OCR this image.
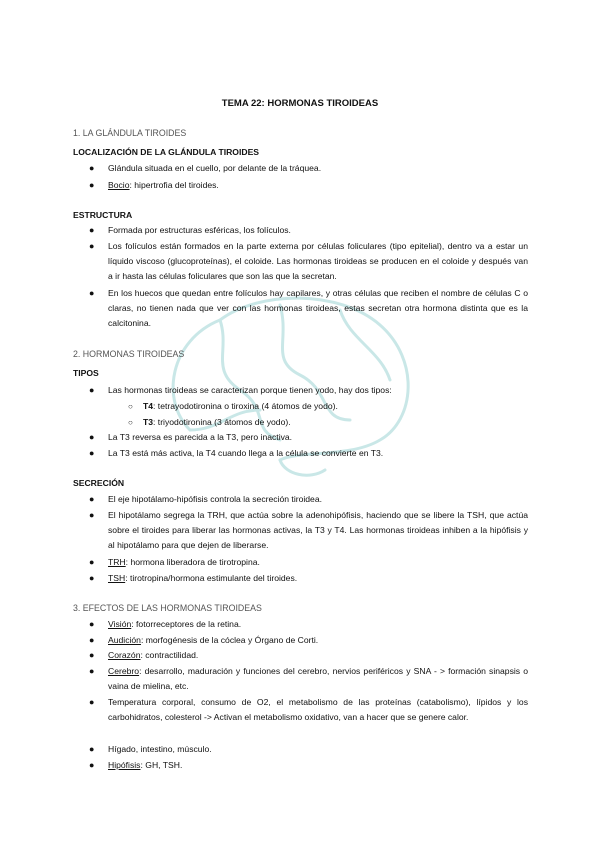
TEMA 22: HORMONAS TIROIDEAS
1. LA GLÁNDULA TIROIDES
LOCALIZACIÓN DE LA GLÁNDULA TIROIDES
● Glándula situada en el cuello, por delante de la tráquea.
● Bocio: hipertrofia del tiroides.
ESTRUCTURA
● Formada por estructuras esféricas, los folículos.
● Los folículos están formados en la parte externa por células foliculares (tipo epitelial), dentro va a estar un líquido viscoso (glucoproteínas), el coloide. Las hormonas tiroideas se producen en el coloide y después van a ir hasta las células foliculares que son las que la secretan.
● En los huecos que quedan entre folículos hay capilares, y otras células que reciben el nombre de células C o claras, no tienen nada que ver con las hormonas tiroideas, estas secretan otra hormona distinta que es la calcitonina.
2. HORMONAS TIROIDEAS
TIPOS
● Las hormonas tiroideas se caracterizan porque tienen yodo, hay dos tipos:
○ T4: tetrayodotironina o tiroxina (4 átomos de yodo).
○ T3: triyodotironina (3 átomos de yodo).
● La T3 reversa es parecida a la T3, pero inactiva.
● La T3 está más activa, la T4 cuando llega a la célula se convierte en T3.
SECRECIÓN
● El eje hipotálamo-hipófisis controla la secreción tiroidea.
● El hipotálamo segrega la TRH, que actúa sobre la adenohipófisis, haciendo que se libere la TSH, que actúa sobre el tiroides para liberar las hormonas activas, la T3 y T4. Las hormonas tiroideas inhiben a la hipófisis y al hipotálamo para que dejen de liberarse.
● TRH: hormona liberadora de tirotropina.
● TSH: tirotropina/hormona estimulante del tiroides.
3. EFECTOS DE LAS HORMONAS TIROIDEAS
● Visión: fotorreceptores de la retina.
● Audición: morfogénesis de la cóclea y Órgano de Corti.
● Corazón: contractilidad.
● Cerebro: desarrollo, maduración y funciones del cerebro, nervios periféricos y SNA - > formación sinapsis o vaina de mielina, etc.
● Temperatura corporal, consumo de O2, el metabolismo de las proteínas (catabolismo), lípidos y los carbohidratos, colesterol -> Activan el metabolismo oxidativo, van a hacer que se genere calor.
● Hígado, intestino, músculo.
● Hipófisis: GH, TSH.
